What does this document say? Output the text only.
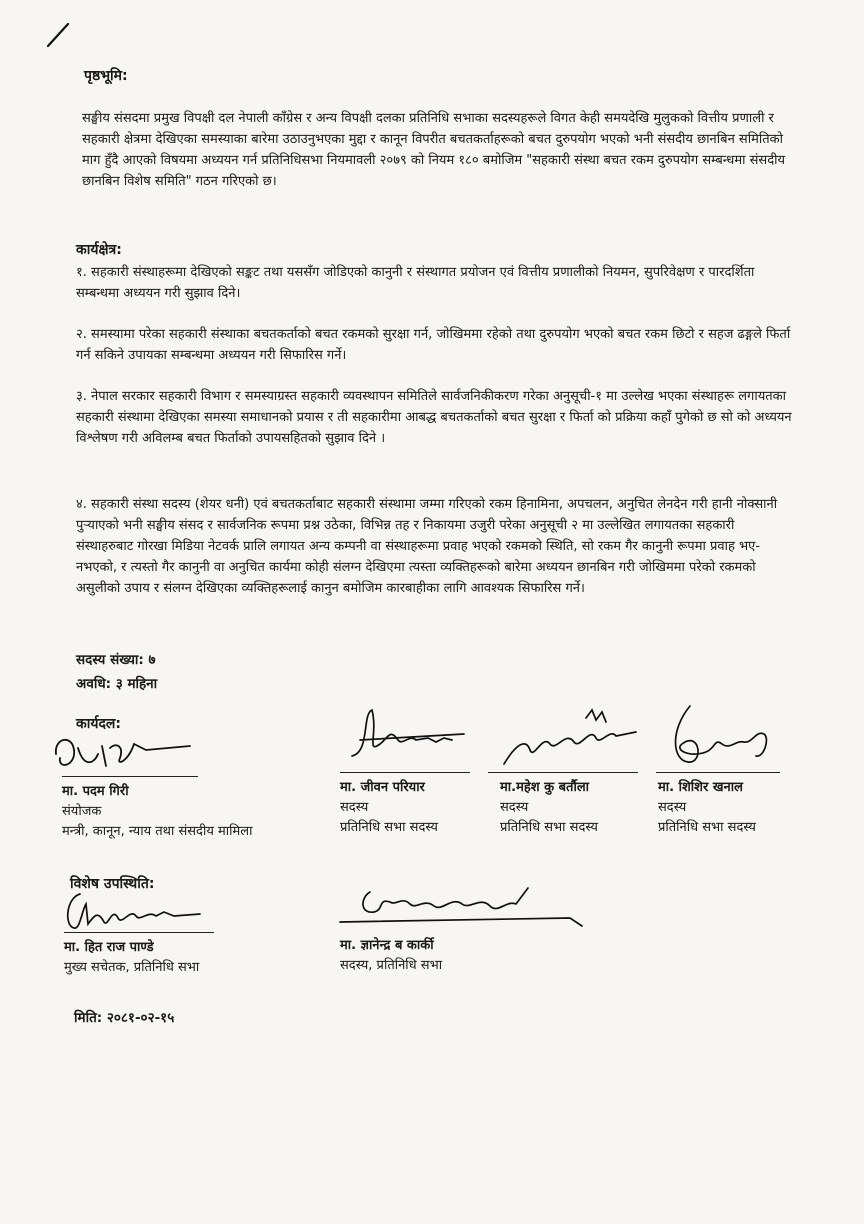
पृष्ठभूमि:

सङ्घीय संसदमा प्रमुख विपक्षी दल नेपाली काँग्रेस र अन्य विपक्षी दलका प्रतिनिधि सभाका सदस्यहरूले विगत केही समयदेखि मुलुकको वित्तीय प्रणाली र सहकारी क्षेत्रमा देखिएका समस्याका बारेमा उठाउनुभएका मुद्दा र कानून विपरीत बचतकर्ताहरूको बचत दुरुपयोग भएको भनी संसदीय छानबिन समितिको माग हुँदै आएको विषयमा अध्ययन गर्न प्रतिनिधिसभा नियमावली २०७९ को नियम १८० बमोजिम "सहकारी संस्था बचत रकम दुरुपयोग सम्बन्धमा संसदीय छानबिन विशेष समिति" गठन गरिएको छ।

कार्यक्षेत्र:

१. सहकारी संस्थाहरूमा देखिएको सङ्कट तथा यससँग जोडिएको कानुनी र संस्थागत प्रयोजन एवं वित्तीय प्रणालीको नियमन, सुपरिवेक्षण र पारदर्शिता सम्बन्धमा अध्ययन गरी सुझाव दिने।

२. समस्यामा परेका सहकारी संस्थाका बचतकर्ताको बचत रकमको सुरक्षा गर्न, जोखिममा रहेको तथा दुरुपयोग भएको बचत रकम छिटो र सहज ढङ्गले फिर्ता गर्न सकिने उपायका सम्बन्धमा अध्ययन गरी सिफारिस गर्ने।

३. नेपाल सरकार सहकारी विभाग र समस्याग्रस्त सहकारी व्यवस्थापन समितिले सार्वजनिकीकरण गरेका अनुसूची-१ मा उल्लेख भएका संस्थाहरू लगायतका सहकारी संस्थामा देखिएका समस्या समाधानको प्रयास र ती सहकारीमा आबद्ध बचतकर्ताको बचत सुरक्षा र फिर्ता को प्रक्रिया कहाँ पुगेको छ सो को अध्ययन विश्लेषण गरी अविलम्ब बचत फिर्ताको उपायसहितको सुझाव दिने ।

४. सहकारी संस्था सदस्य (शेयर धनी) एवं बचतकर्ताबाट सहकारी संस्थामा जम्मा गरिएको रकम हिनामिना, अपचलन, अनुचित लेनदेन गरी हानी नोक्सानी पुऱ्याएको भनी सङ्घीय संसद र सार्वजनिक रूपमा प्रश्न उठेका, विभिन्न तह र निकायमा उजुरी परेका अनुसूची २ मा उल्लेखित लगायतका सहकारी संस्थाहरुबाट गोरखा मिडिया नेटवर्क प्रालि लगायत अन्य कम्पनी वा संस्थाहरूमा प्रवाह भएको रकमको स्थिति, सो रकम गैर कानुनी रूपमा प्रवाह भए-नभएको, र त्यस्तो गैर कानुनी वा अनुचित कार्यमा कोही संलग्न देखिएमा त्यस्ता व्यक्तिहरूको बारेमा अध्ययन छानबिन गरी जोखिममा परेको रकमको असुलीको उपाय र संलग्न देखिएका व्यक्तिहरूलाई कानुन बमोजिम कारबाहीका लागि आवश्यक सिफारिस गर्ने।

सदस्य संख्या: ७
अवधि: ३ महिना
कार्यदल:
मा. पदम गिरी
संयोजक
मन्त्री, कानून, न्याय तथा संसदीय मामिला
मा. जीवन परियार
सदस्य
प्रतिनिधि सभा सदस्य
मा.महेश कु बर्तौला
सदस्य
प्रतिनिधि सभा सदस्य
मा. शिशिर खनाल
सदस्य
प्रतिनिधि सभा सदस्य
विशेष उपस्थिति:
मा. हित राज पाण्डे
मुख्य सचेतक, प्रतिनिधि सभा
मा. ज्ञानेन्द्र ब कार्की
सदस्य, प्रतिनिधि सभा
मिति: २०८१-०२-१५
